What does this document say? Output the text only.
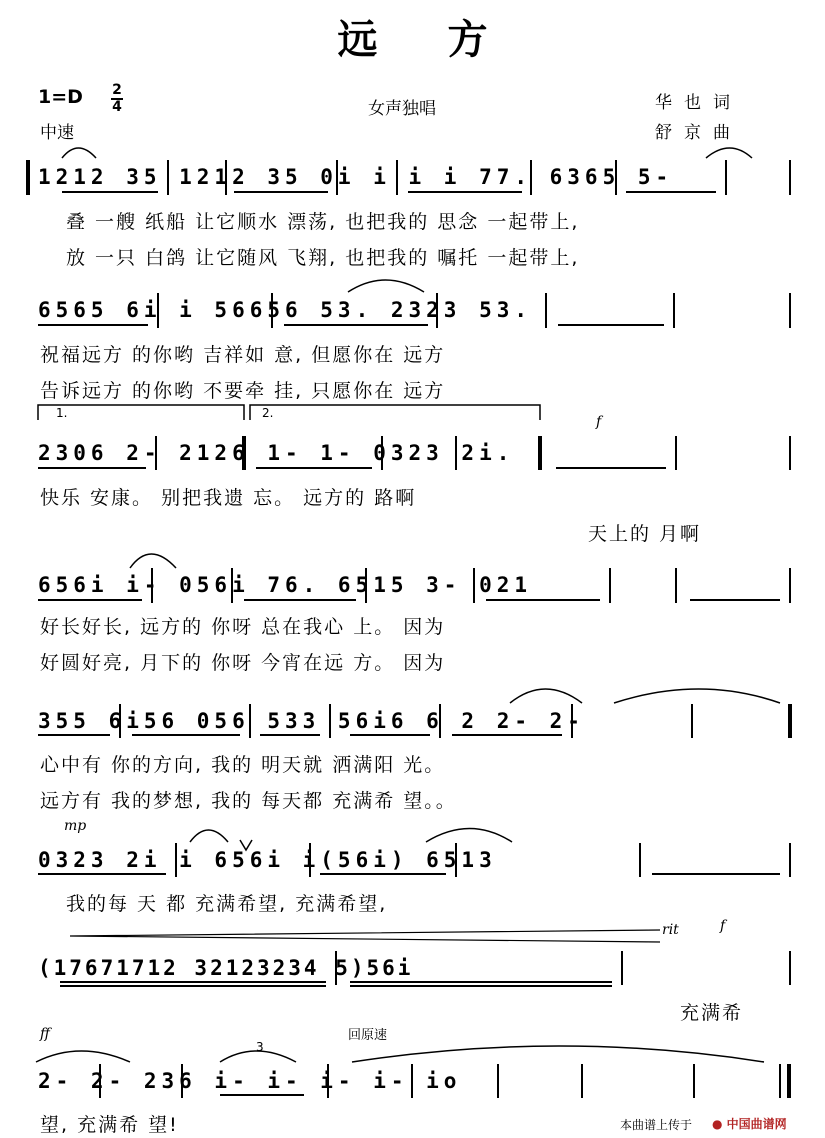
远方
1=D 2
4
中速
女声独唱	华也词
舒京曲
1212 35 1212 35 0i i i i 77. 6365 5-
叠 一艘 纸船 让它顺水 漂荡, 也把我的 思念 一起带上,
放 一只 白鸽 让它随风 飞翔, 也把我的 嘱托 一起带上,
6565 6i i 56656 53. 2323 53.
祝福远方 的你哟 吉祥如 意, 但愿你在 远方
告诉远方 的你哟 不要牵 挂, 只愿你在 远方
1.	2.
f
2306 2- 2126 1- 1- 0323 2i.
快乐 安康。 别把我遗 忘。 远方的 路啊
天上的 月啊
656i i- 056i 76. 6515 3- 021
好长好长, 远方的 你呀 总在我心 上。 因为
好圆好亮, 月下的 你呀 今宵在远 方。 因为
355 6i56 056 533 56i6 6 2 2- 2-
心中有 你的方向, 我的 明天就 洒满阳 光。
远方有 我的梦想, 我的 每天都 充满希 望。。
mp
0323 2i i 656i i(56i) 6513
我的每 天 都 充满希望, 充满希望,
rit	f
(17671712 32123234 5)56i
充满希
ff	回原速
3
2- 2- 236 i- i- i- i- io
望, 充满希 望!	本曲谱上传于 ● 中国曲谱网
